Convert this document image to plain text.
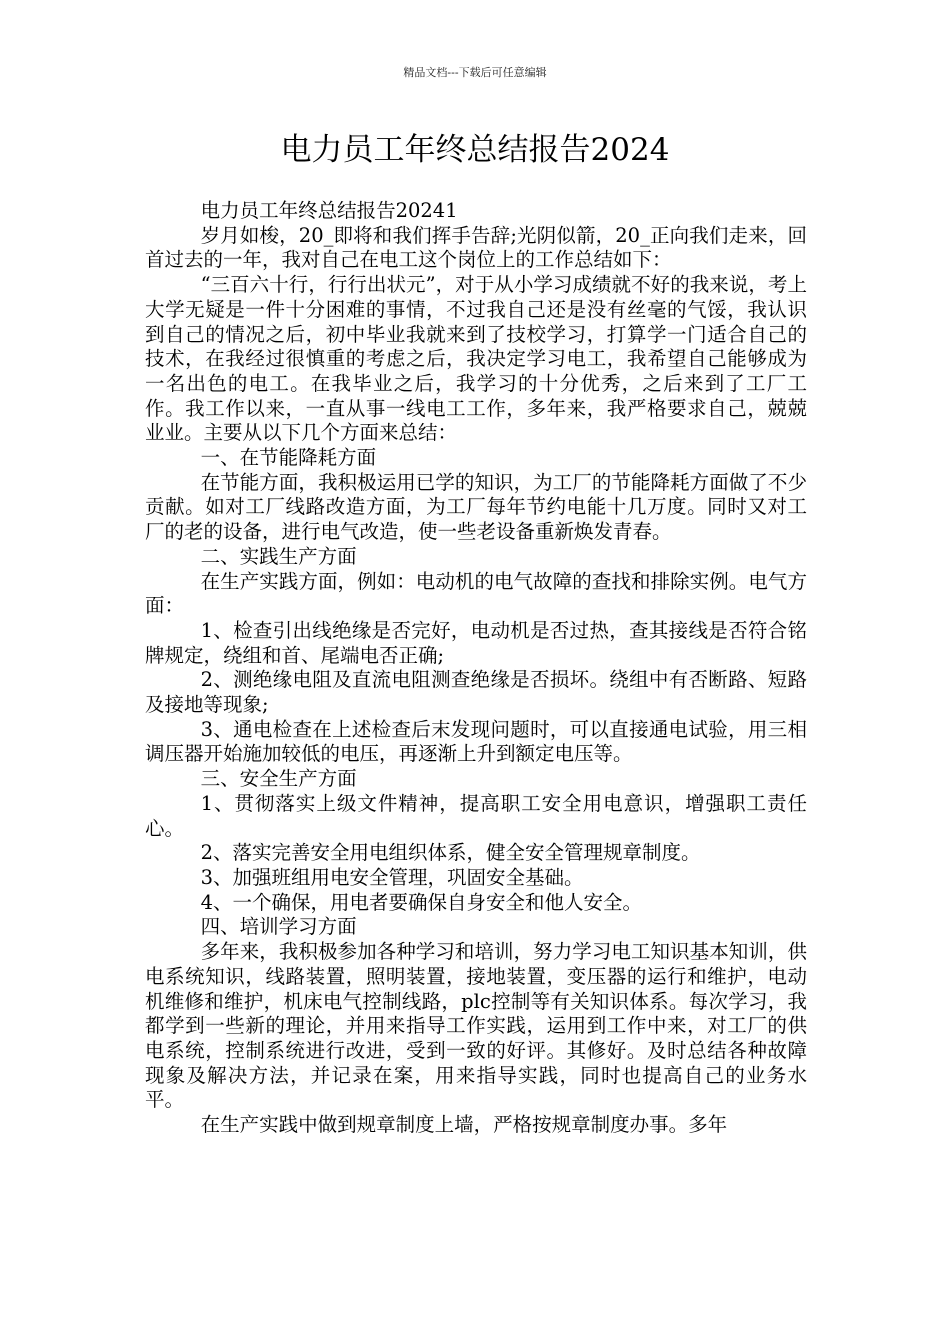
精品文档---下载后可任意编辑
电力员工年终总结报告2024

电力员工年终总结报告20241

岁月如梭，20_即将和我们挥手告辞;光阴似箭，20_正向我们走来，回首过去的一年，我对自己在电工这个岗位上的工作总结如下：

“三百六十行，行行出状元”，对于从小学习成绩就不好的我来说，考上大学无疑是一件十分困难的事情，不过我自己还是没有丝毫的气馁，我认识到自己的情况之后，初中毕业我就来到了技校学习，打算学一门适合自己的技术，在我经过很慎重的考虑之后，我决定学习电工，我希望自己能够成为一名出色的电工。在我毕业之后，我学习的十分优秀，之后来到了工厂工作。我工作以来，一直从事一线电工工作，多年来，我严格要求自己，兢兢业业。主要从以下几个方面来总结：

一、在节能降耗方面

在节能方面，我积极运用已学的知识，为工厂的节能降耗方面做了不少贡献。如对工厂线路改造方面，为工厂每年节约电能十几万度。同时又对工厂的老的设备，进行电气改造，使一些老设备重新焕发青春。

二、实践生产方面

在生产实践方面，例如：电动机的电气故障的查找和排除实例。电气方面：

1、检查引出线绝缘是否完好，电动机是否过热，查其接线是否符合铭牌规定，绕组和首、尾端电否正确;

2、测绝缘电阻及直流电阻测查绝缘是否损坏。绕组中有否断路、短路及接地等现象;

3、通电检查在上述检查后末发现问题时，可以直接通电试验，用三相调压器开始施加较低的电压，再逐渐上升到额定电压等。

三、安全生产方面

1、贯彻落实上级文件精神，提高职工安全用电意识，增强职工责任心。

2、落实完善安全用电组织体系，健全安全管理规章制度。

3、加强班组用电安全管理，巩固安全基础。

4、一个确保，用电者要确保自身安全和他人安全。

四、培训学习方面

多年来，我积极参加各种学习和培训，努力学习电工知识基本知训，供电系统知识，线路装置，照明装置，接地装置，变压器的运行和维护，电动机维修和维护，机床电气控制线路，plc控制等有关知识体系。每次学习，我都学到一些新的理论，并用来指导工作实践，运用到工作中来，对工厂的供电系统，控制系统进行改进，受到一致的好评。其修好。及时总结各种故障现象及解决方法，并记录在案，用来指导实践，同时也提高自己的业务水平。

在生产实践中做到规章制度上墙，严格按规章制度办事。多年
